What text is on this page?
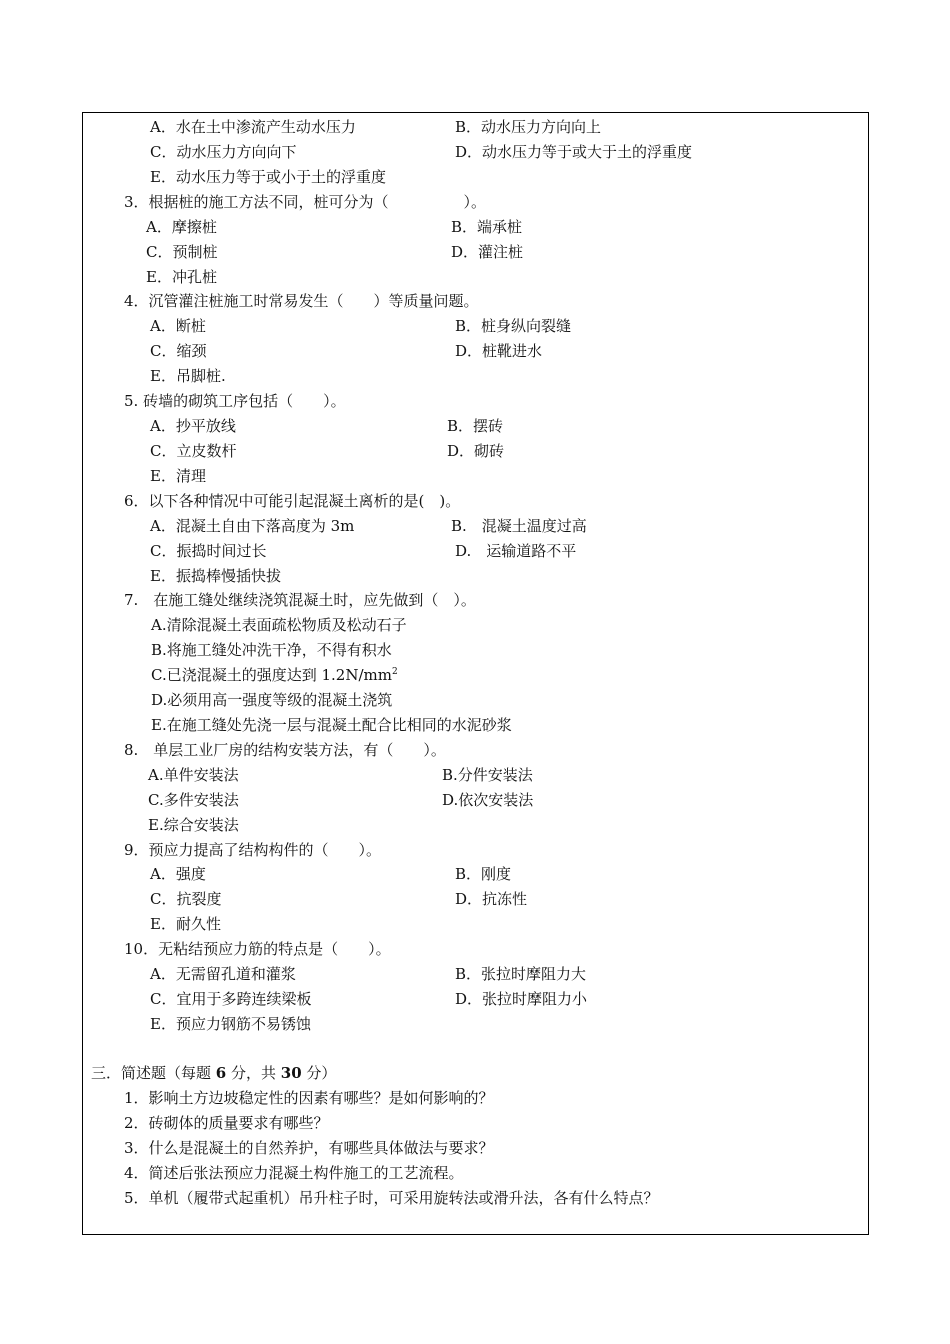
A．水在土中渗流产生动水压力	B．动水压力方向向上
C．动水压力方向向下	D．动水压力等于或大于土的浮重度
E．动水压力等于或小于土的浮重度
3．根据桩的施工方法不同，桩可分为（　　　　　）。
A．摩擦桩	B．端承桩
C．预制桩	D．灌注桩
E．冲孔桩
4．沉管灌注桩施工时常易发生（　　）等质量问题。
A．断桩	B．桩身纵向裂缝
C．缩颈	D．桩靴进水
E．吊脚桩.
5. 砖墙的砌筑工序包括（　　）。
A．抄平放线	B．摆砖
C．立皮数杆	D．砌砖
E．清理
6．以下各种情况中可能引起混凝土离析的是(　)。
A．混凝土自由下落高度为 3m	B.　混凝土温度过高
C．振捣时间过长	D.　运输道路不平
E．振捣棒慢插快拔
7.　在施工缝处继续浇筑混凝土时，应先做到（　）。
A.清除混凝土表面疏松物质及松动石子
B.将施工缝处冲洗干净，不得有积水
C.已浇混凝土的强度达到 $1.2N/mm^2$
D.必须用高一强度等级的混凝土浇筑
E.在施工缝处先浇一层与混凝土配合比相同的水泥砂浆
8.　单层工业厂房的结构安装方法，有（　　）。
A.单件安装法	B.分件安装法
C.多件安装法	D.依次安装法
E.综合安装法
9．预应力提高了结构构件的（　　）。
A．强度	B．刚度
C．抗裂度	D．抗冻性
E．耐久性
10．无粘结预应力筋的特点是（　　）。
A．无需留孔道和灌浆	B．张拉时摩阻力大
C．宜用于多跨连续梁板	D．张拉时摩阻力小
E．预应力钢筋不易锈蚀
三．简述题（每题 6 分，共 30 分）
1．影响土方边坡稳定性的因素有哪些？是如何影响的？
2．砖砌体的质量要求有哪些？
3．什么是混凝土的自然养护，有哪些具体做法与要求？
4．简述后张法预应力混凝土构件施工的工艺流程。
5．单机（履带式起重机）吊升柱子时，可采用旋转法或滑升法，各有什么特点？
